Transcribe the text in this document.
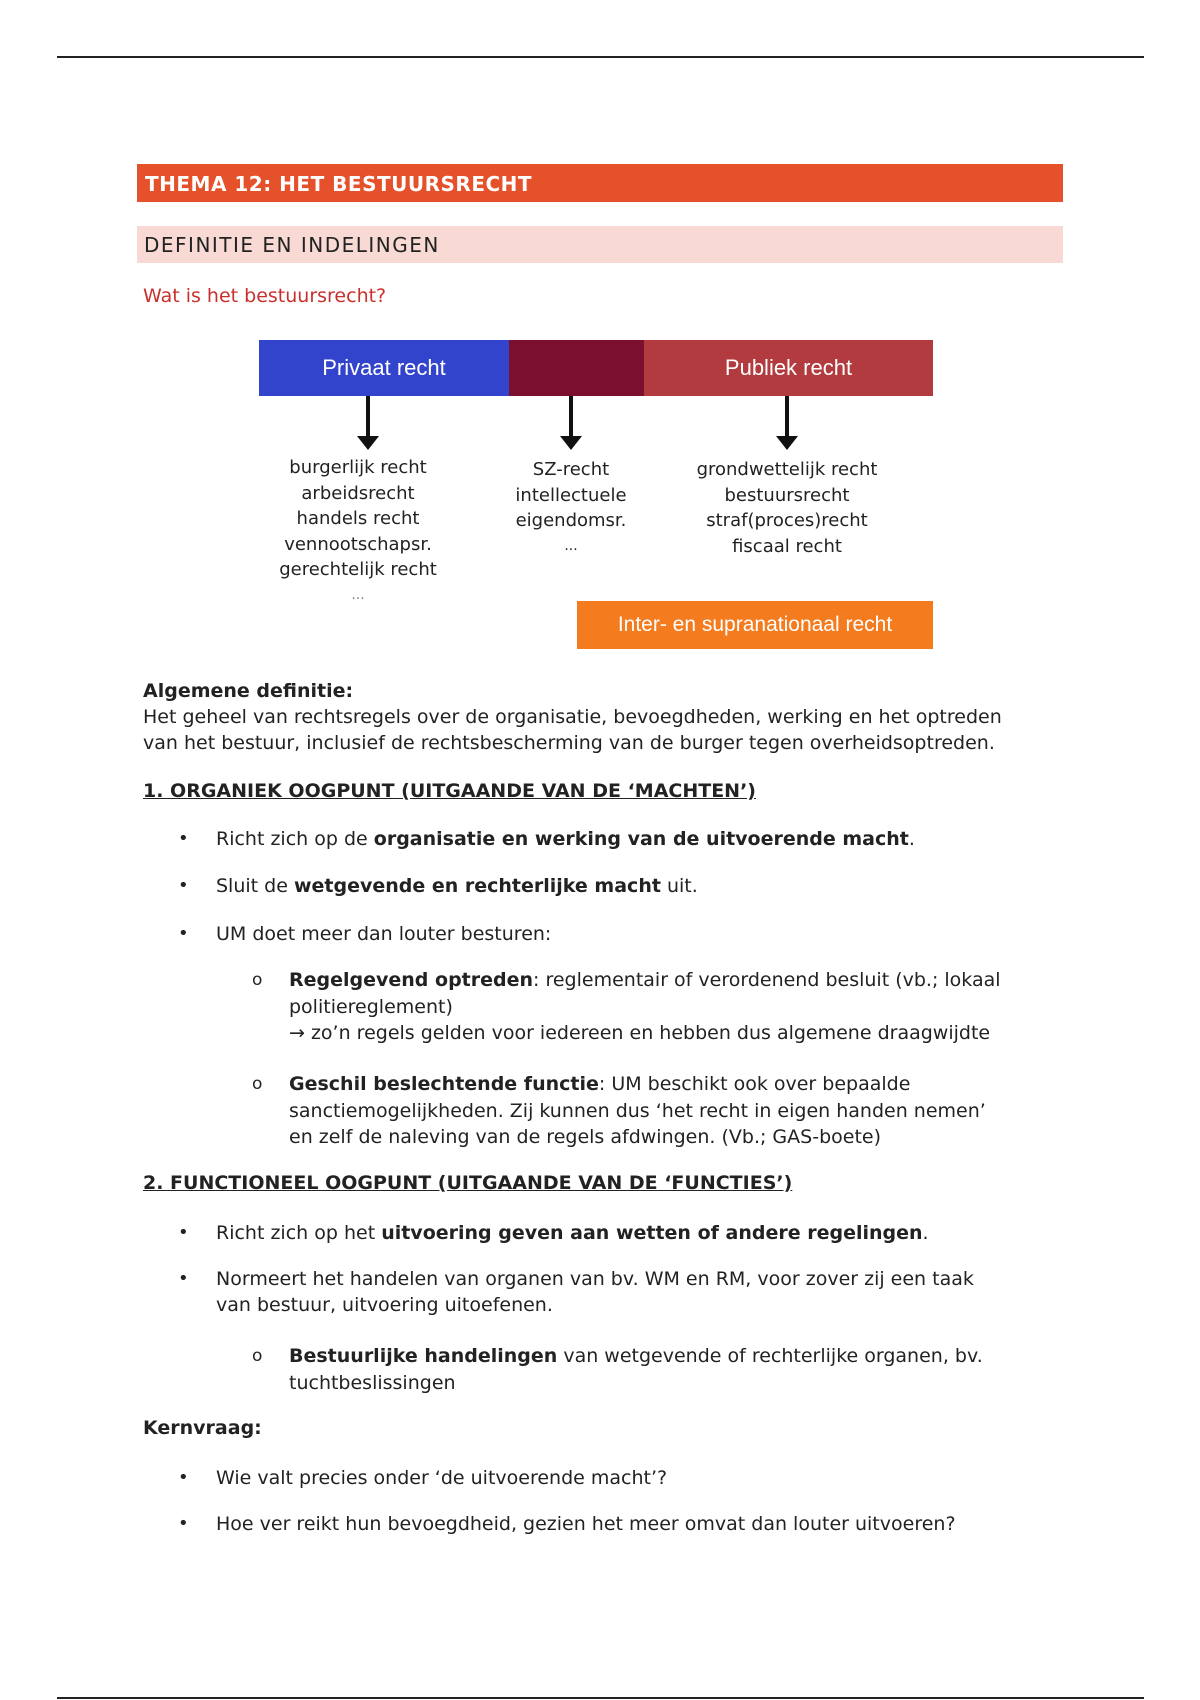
THEMA 12: HET BESTUURSRECHT
DEFINITIE EN INDELINGEN
Wat is het bestuursrecht?
Privaat recht	Publiek recht
burgerlijk recht
arbeidsrecht
handels recht
vennootschapsr.
gerechtelijk recht
...
SZ-recht
intellectuele
eigendomsr.
...
grondwettelijk recht
bestuursrecht
straf(proces)recht
fiscaal recht
Inter- en supranationaal recht
Algemene definitie:
Het geheel van rechtsregels over de organisatie, bevoegdheden, werking en het optreden
van het bestuur, inclusief de rechtsbescherming van de burger tegen overheidsoptreden.
1. ORGANIEK OOGPUNT (UITGAANDE VAN DE ‘MACHTEN’)
• Richt zich op de organisatie en werking van de uitvoerende macht.
• Sluit de wetgevende en rechterlijke macht uit.
• UM doet meer dan louter besturen:
o Regelgevend optreden: reglementair of verordenend besluit (vb.; lokaal
politiereglement)
→ zo’n regels gelden voor iedereen en hebben dus algemene draagwijdte
o Geschil beslechtende functie: UM beschikt ook over bepaalde
sanctiemogelijkheden. Zij kunnen dus ‘het recht in eigen handen nemen’
en zelf de naleving van de regels afdwingen. (Vb.; GAS-boete)
2. FUNCTIONEEL OOGPUNT (UITGAANDE VAN DE ‘FUNCTIES’)
• Richt zich op het uitvoering geven aan wetten of andere regelingen.
• Normeert het handelen van organen van bv. WM en RM, voor zover zij een taak
van bestuur, uitvoering uitoefenen.
o Bestuurlijke handelingen van wetgevende of rechterlijke organen, bv.
tuchtbeslissingen
Kernvraag:
• Wie valt precies onder ‘de uitvoerende macht’?
• Hoe ver reikt hun bevoegdheid, gezien het meer omvat dan louter uitvoeren?
